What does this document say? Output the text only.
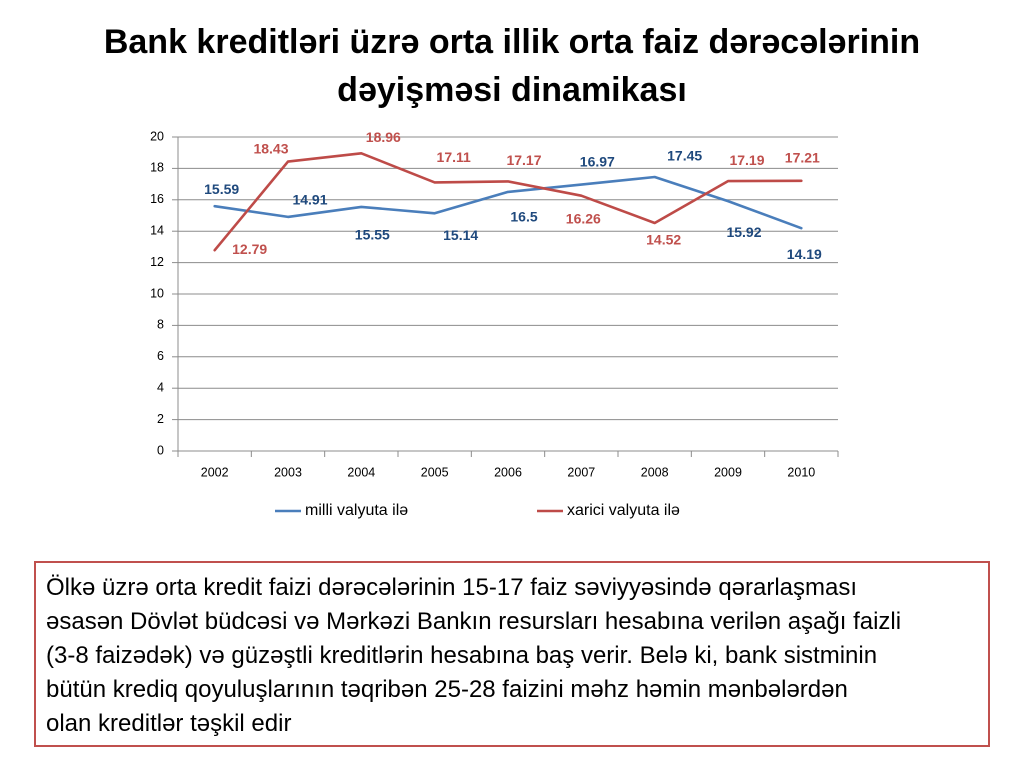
Bank kreditləri üzrə orta illik orta faiz dərəcələrinin dəyişməsi dinamikası
0
2
4
6
8
10
12
14
16
18
20
2002	2003	2004	2005	2006	2007	2008	2009	2010
15.59
14.91
15.55	15.14
16.5
16.97	17.45
15.92
14.19
12.79
18.43
18.96
17.11	17.17
16.26
14.52
17.19 17.21
milli valyuta ilə	xarici valyuta ilə
Ölkə üzrə orta kredit faizi dərəcələrinin 15-17 faiz səviyyəsində qərarlaşması
əsasən Dövlət büdcəsi və Mərkəzi Bankın resursları hesabına verilən aşağı faizli
(3-8 faizədək) və güzəştli kreditlərin hesabına baş verir. Belə ki, bank sistminin
bütün krediq qoyuluşlarının təqribən 25-28 faizini məhz həmin mənbələrdən
olan kreditlər təşkil edir
